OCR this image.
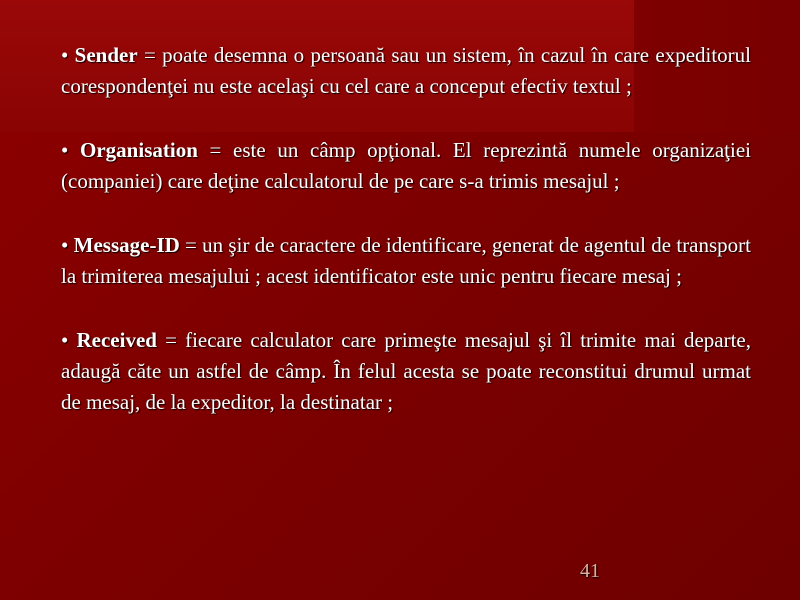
• Sender = poate desemna o persoană sau un sistem, în cazul în care expeditorul corespondenţei nu este acelaşi cu cel care a conceput efectiv textul ;

• Organisation = este un câmp opţional. El reprezintă numele organizaţiei (companiei) care deţine calculatorul de pe care s-a trimis mesajul ;

• Message-ID = un şir de caractere de identificare, generat de agentul de transport la trimiterea mesajului ; acest identificator este unic pentru fiecare mesaj ;

• Received = fiecare calculator care primeşte mesajul şi îl trimite mai departe, adaugă căte un astfel de câmp. În felul acesta se poate reconstitui drumul urmat de mesaj, de la expeditor, la destinatar ;

41
